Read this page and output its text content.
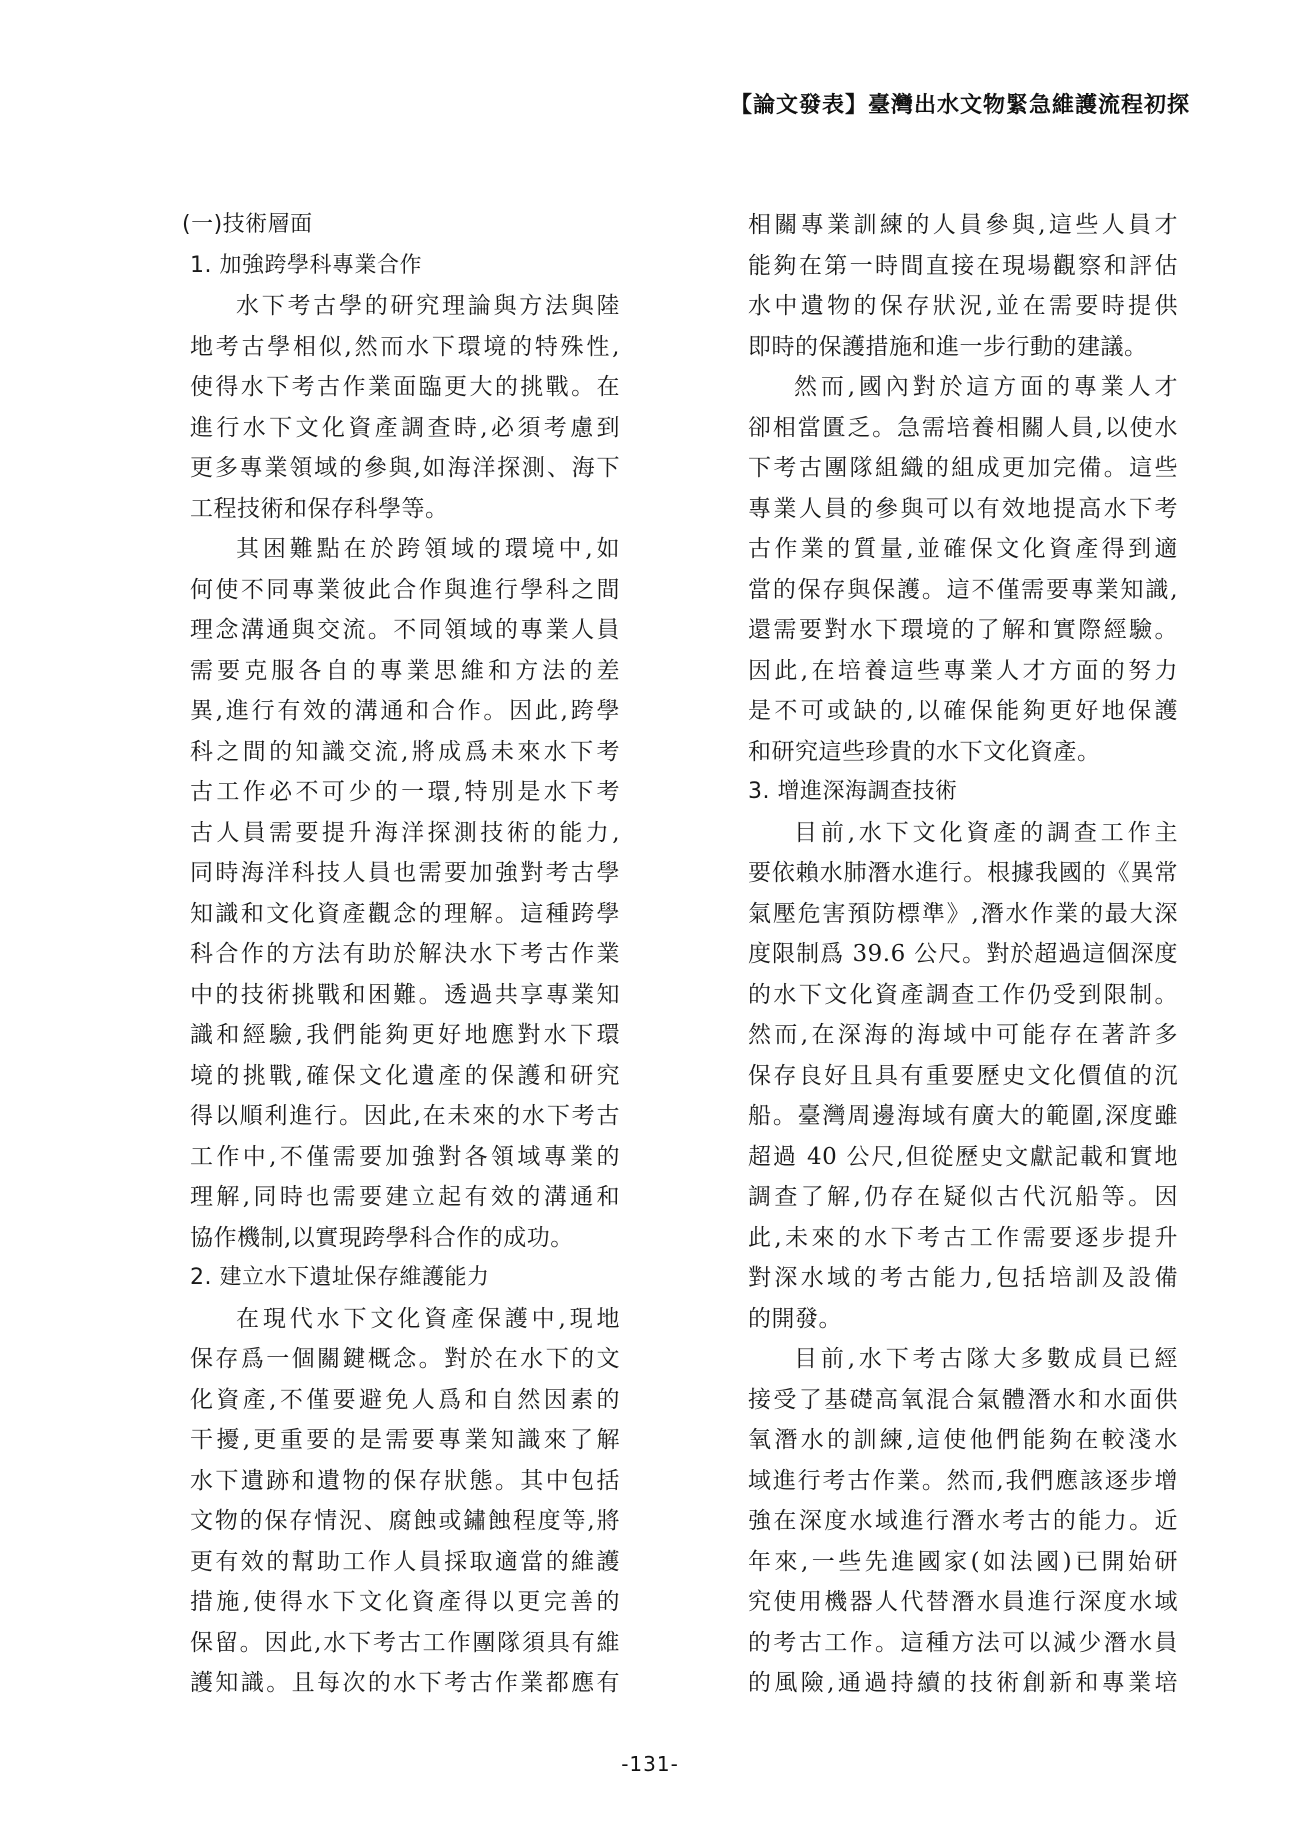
【論文發表】臺灣出水文物緊急維護流程初探
(一)技術層面
1. 加強跨學科專業合作
水下考古學的研究理論與方法與陸
地考古學相似,然而水下環境的特殊性,
使得水下考古作業面臨更大的挑戰。在
進行水下文化資產調查時,必須考慮到
更多專業領域的參與,如海洋探測、海下
工程技術和保存科學等。
其困難點在於跨領域的環境中,如
何使不同專業彼此合作與進行學科之間
理念溝通與交流。不同領域的專業人員
需要克服各自的專業思維和方法的差
異,進行有效的溝通和合作。因此,跨學
科之間的知識交流,將成爲未來水下考
古工作必不可少的一環,特別是水下考
古人員需要提升海洋探測技術的能力,
同時海洋科技人員也需要加強對考古學
知識和文化資產觀念的理解。這種跨學
科合作的方法有助於解決水下考古作業
中的技術挑戰和困難。透過共享專業知
識和經驗,我們能夠更好地應對水下環
境的挑戰,確保文化遺產的保護和研究
得以順利進行。因此,在未來的水下考古
工作中,不僅需要加強對各領域專業的
理解,同時也需要建立起有效的溝通和
協作機制,以實現跨學科合作的成功。
2. 建立水下遺址保存維護能力
在現代水下文化資產保護中,現地
保存爲一個關鍵概念。對於在水下的文
化資產,不僅要避免人爲和自然因素的
干擾,更重要的是需要專業知識來了解
水下遺跡和遺物的保存狀態。其中包括
文物的保存情況、腐蝕或鏽蝕程度等,將
更有效的幫助工作人員採取適當的維護
措施,使得水下文化資產得以更完善的
保留。因此,水下考古工作團隊須具有維
護知識。且每次的水下考古作業都應有
相關專業訓練的人員參與,這些人員才
能夠在第一時間直接在現場觀察和評估
水中遺物的保存狀況,並在需要時提供
即時的保護措施和進一步行動的建議。
然而,國內對於這方面的專業人才
卻相當匱乏。急需培養相關人員,以使水
下考古團隊組織的組成更加完備。這些
專業人員的參與可以有效地提高水下考
古作業的質量,並確保文化資產得到適
當的保存與保護。這不僅需要專業知識,
還需要對水下環境的了解和實際經驗。
因此,在培養這些專業人才方面的努力
是不可或缺的,以確保能夠更好地保護
和研究這些珍貴的水下文化資產。
3. 增進深海調查技術
目前,水下文化資產的調查工作主
要依賴水肺潛水進行。根據我國的《異常
氣壓危害預防標準》,潛水作業的最大深
度限制爲 39.6 公尺。對於超過這個深度
的水下文化資產調查工作仍受到限制。
然而,在深海的海域中可能存在著許多
保存良好且具有重要歷史文化價值的沉
船。臺灣周邊海域有廣大的範圍,深度雖
超過 40 公尺,但從歷史文獻記載和實地
調查了解,仍存在疑似古代沉船等。因
此,未來的水下考古工作需要逐步提升
對深水域的考古能力,包括培訓及設備
的開發。
目前,水下考古隊大多數成員已經
接受了基礎高氧混合氣體潛水和水面供
氧潛水的訓練,這使他們能夠在較淺水
域進行考古作業。然而,我們應該逐步增
強在深度水域進行潛水考古的能力。近
年來,一些先進國家(如法國)已開始研
究使用機器人代替潛水員進行深度水域
的考古工作。這種方法可以減少潛水員
的風險,通過持續的技術創新和專業培
-131-
